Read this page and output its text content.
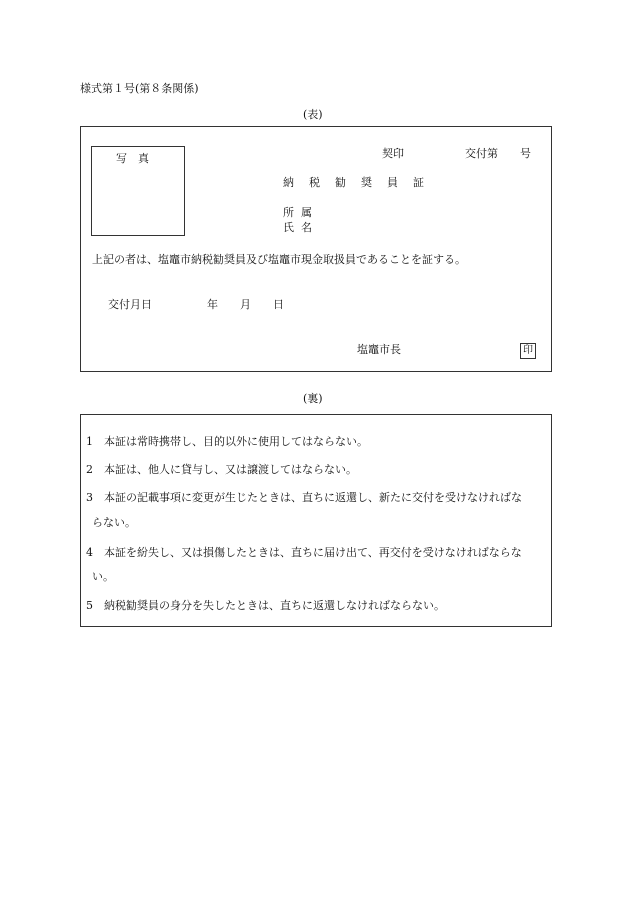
様式第１号(第８条関係)
(表)
写　真	契印	交付第　　号
納税勧奨員証
所属
氏名
上記の者は、塩竈市納税勧奨員及び塩竈市現金取扱員であることを証する。
交付月日　　　　　年　　月　　日
塩竈市長	印
(裏)
1 本証は常時携帯し、目的以外に使用してはならない。
2 本証は、他人に貸与し、又は譲渡してはならない。
3 本証の記載事項に変更が生じたときは、直ちに返還し、新たに交付を受けなければな
らない。
4 本証を紛失し、又は損傷したときは、直ちに届け出て、再交付を受けなければならな
い。
5 納税勧奨員の身分を失したときは、直ちに返還しなければならない。
